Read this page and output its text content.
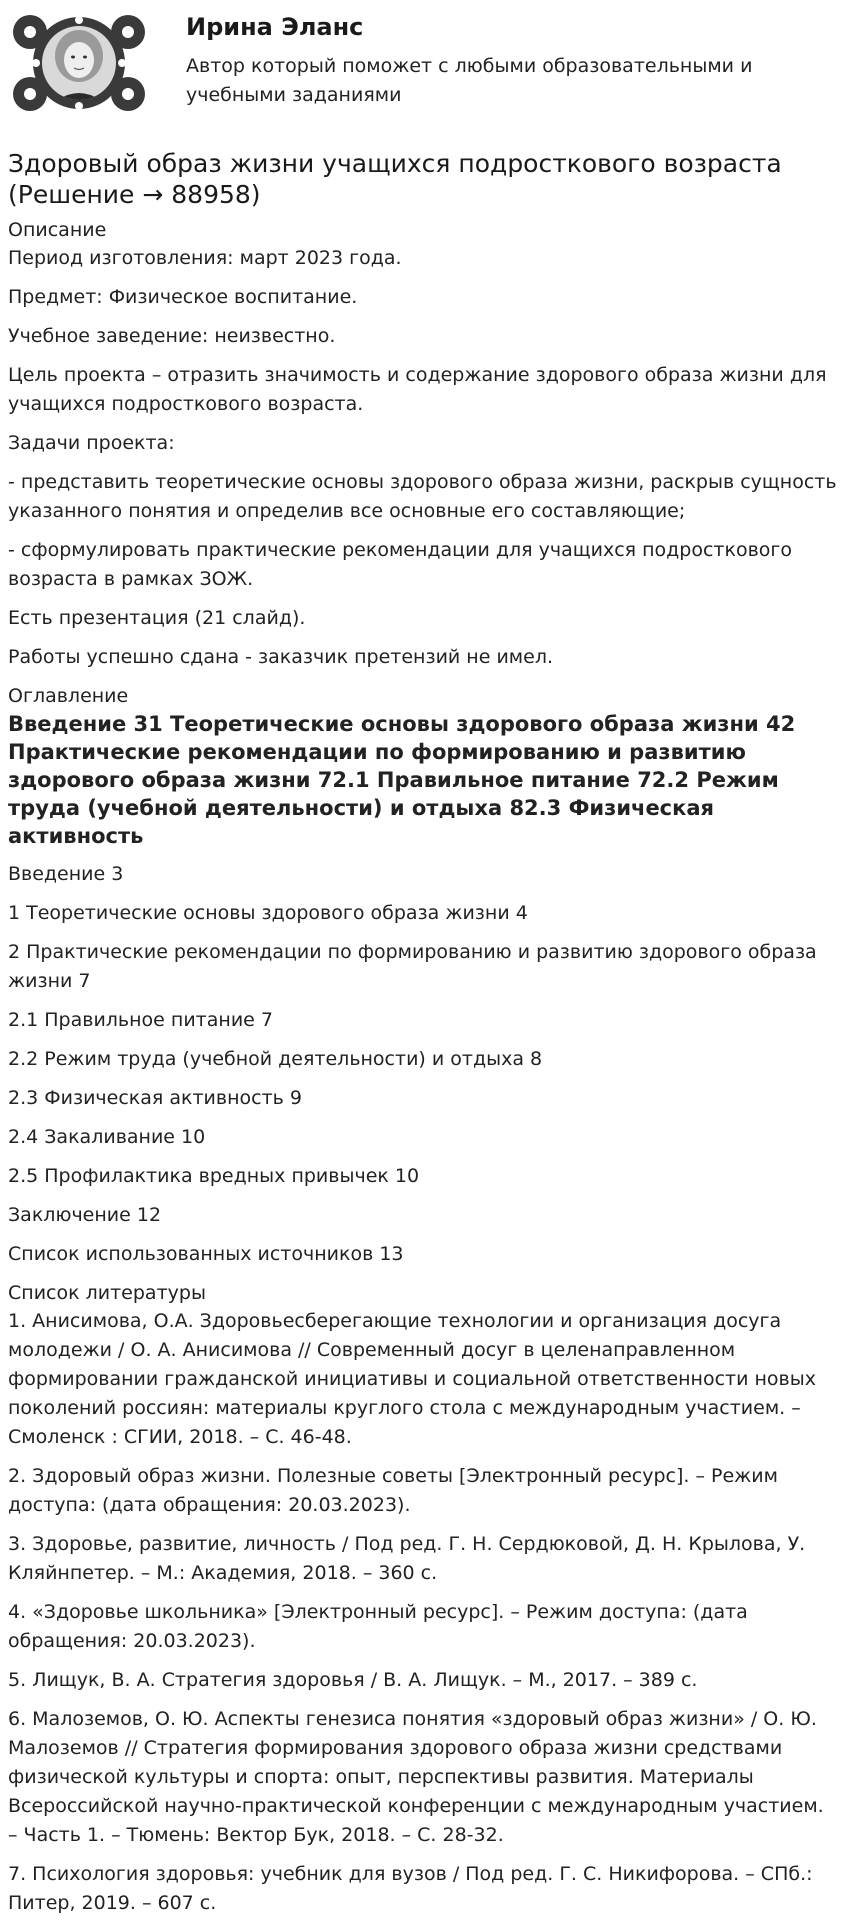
Ирина Эланс

Автор который поможет с любыми образовательными и учебными заданиями

Здоровый образ жизни учащихся подросткового возраста (Решение → 88958)

Описание

Период изготовления: март 2023 года.

Предмет: Физическое воспитание.

Учебное заведение: неизвестно.

Цель проекта – отразить значимость и содержание здорового образа жизни для учащихся подросткового возраста.

Задачи проекта:

- представить теоретические основы здорового образа жизни, раскрыв сущность указанного понятия и определив все основные его составляющие;

- сформулировать практические рекомендации для учащихся подросткового возраста в рамках ЗОЖ.

Есть презентация (21 слайд).

Работы успешно сдана - заказчик претензий не имел.

Оглавление

Введение 31 Теоретические основы здорового образа жизни 42 Практические рекомендации по формированию и развитию здорового образа жизни 72.1 Правильное питание 72.2 Режим труда (учебной деятельности) и отдыха 82.3 Физическая активность

Введение 3

1 Теоретические основы здорового образа жизни 4

2 Практические рекомендации по формированию и развитию здорового образа жизни 7

2.1 Правильное питание 7

2.2 Режим труда (учебной деятельности) и отдыха 8

2.3 Физическая активность 9

2.4 Закаливание 10

2.5 Профилактика вредных привычек 10

Заключение 12

Список использованных источников 13

Список литературы

1. Анисимова, О.А. Здоровьесберегающие технологии и организация досуга молодежи / О. А. Анисимова // Современный досуг в целенаправленном формировании гражданской инициативы и социальной ответственности новых поколений россиян: материалы круглого стола с международным участием. – Смоленск : СГИИ, 2018. – С. 46-48.

2. Здоровый образ жизни. Полезные советы [Электронный ресурс]. – Режим доступа: (дата обращения: 20.03.2023).

3. Здоровье, развитие, личность / Под ред. Г. Н. Сердюковой, Д. Н. Крылова, У. Кляйнпетер. – М.: Академия, 2018. – 360 с.

4. «Здоровье школьника» [Электронный ресурс]. – Режим доступа: (дата обращения: 20.03.2023).

5. Лищук, В. А. Стратегия здоровья / В. А. Лищук. – М., 2017. – 389 с.

6. Малоземов, О. Ю. Аспекты генезиса понятия «здоровый образ жизни» / О. Ю. Малоземов // Стратегия формирования здорового образа жизни средствами физической культуры и спорта: опыт, перспективы развития. Материалы Всероссийской научно-практической конференции с международным участием. – Часть 1. – Тюмень: Вектор Бук, 2018. – С. 28-32.

7. Психология здоровья: учебник для вузов / Под ред. Г. С. Никифорова. – СПб.: Питер, 2019. – 607 с.
